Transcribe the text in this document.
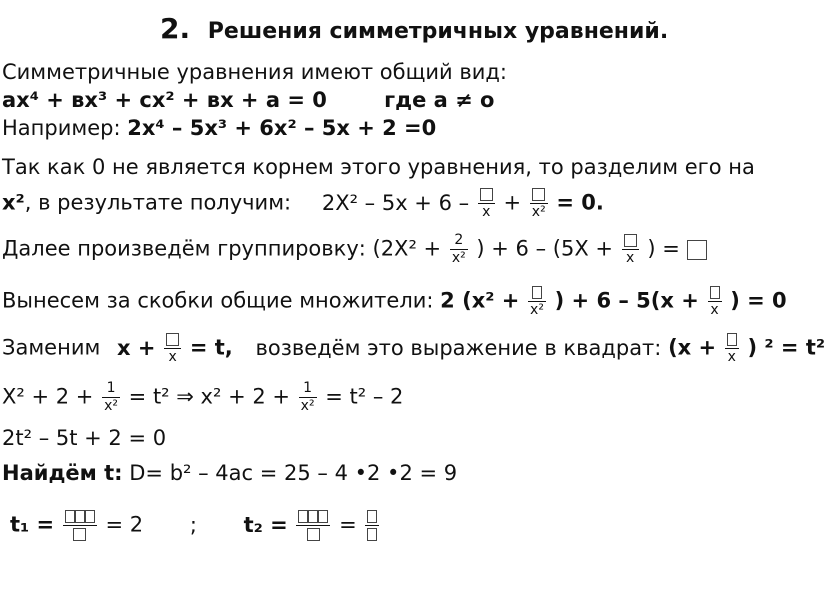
2. Решения симметричных уравнений.
Симметричные уравнения имеют общий вид:
ax⁴ + вx³ + сx² + вx + а = 0	где a ≠ o
Например: 2x⁴ – 5x³ + 6x² – 5x + 2 =0
Так как 0 не является корнем этого уравнения, то разделим его на
x², в результате получим: 2X² – 5x + 6 – x + x² = 0.
Далее произведём группировку: ($2X^2 + \frac{2}{\text{x²}}$ ) + 6 – (5X + x ) =
Вынесем за скобки общие множители: 2 (x² + x² ) + 6 – 5(x + x ) = 0
Заменим x + x = t, возведём это выражение в квадрат: (x + x ) ² = t²
$X^2 + 2 + \frac{1}{\text{x²}} = t^2$ ⇒ $x^2 + 2 + \frac{1}{\text{x²}} = t^2 - 2$
2t² – 5t + 2 = 0
Найдём t: D= b² – 4ac = 25 – 4 •2 •2 = 9
t₁ = = 2 ; t₂ = =
